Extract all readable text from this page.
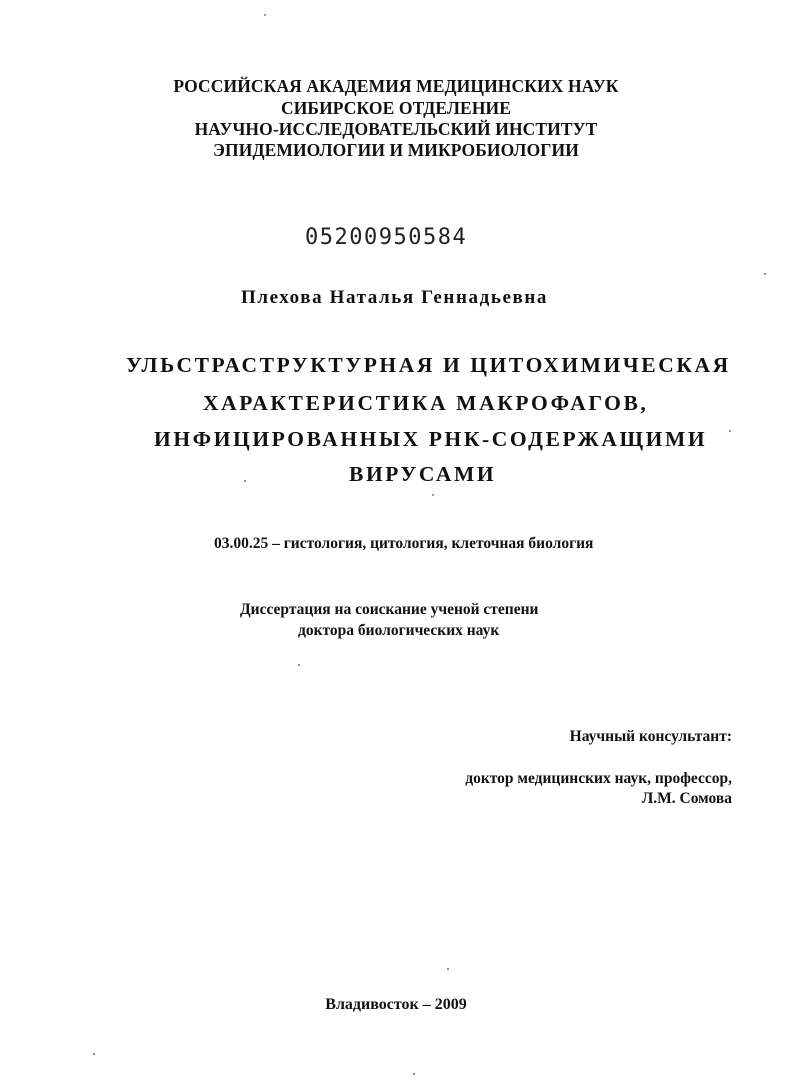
РОССИЙСКАЯ АКАДЕМИЯ МЕДИЦИНСКИХ НАУК
СИБИРСКОЕ ОТДЕЛЕНИЕ
НАУЧНО-ИССЛЕДОВАТЕЛЬСКИЙ ИНСТИТУТ
ЭПИДЕМИОЛОГИИ И МИКРОБИОЛОГИИ
05200950584
Плехова Наталья Геннадьевна
УЛЬСТРАСТРУКТУРНАЯ И ЦИТОХИМИЧЕСКАЯ
ХАРАКТЕРИСТИКА МАКРОФАГОВ,
ИНФИЦИРОВАННЫХ РНК-СОДЕРЖАЩИМИ
ВИРУСАМИ
03.00.25 – гистология, цитология, клеточная биология
Диссертация на соискание ученой степени
доктора биологических наук
Научный консультант:
доктор медицинских наук, профессор,
Л.М. Сомова
Владивосток – 2009
